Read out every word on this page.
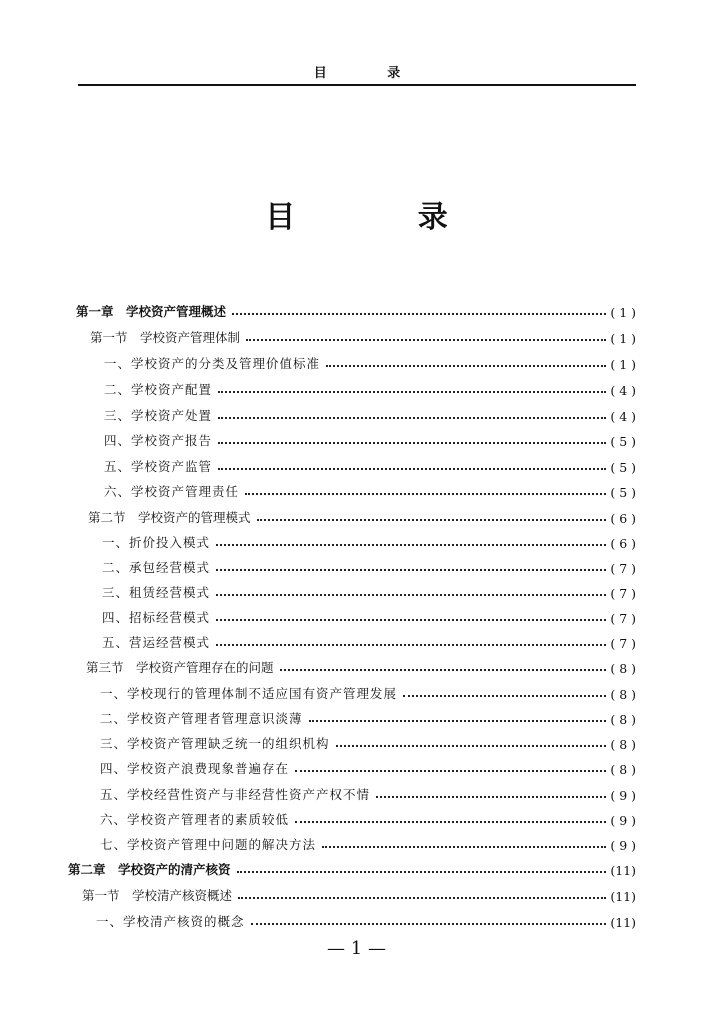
目 录
目 录
第一章　学校资产管理概述	( 1 )
第一节　学校资产管理体制	( 1 )
一、学校资产的分类及管理价值标准	( 1 )
二、学校资产配置	( 4 )
三、学校资产处置	( 4 )
四、学校资产报告	( 5 )
五、学校资产监管	( 5 )
六、学校资产管理责任	( 5 )
第二节　学校资产的管理模式	( 6 )
一、折价投入模式	( 6 )
二、承包经营模式	( 7 )
三、租赁经营模式	( 7 )
四、招标经营模式	( 7 )
五、营运经营模式	( 7 )
第三节　学校资产管理存在的问题	( 8 )
一、学校现行的管理体制不适应国有资产管理发展	( 8 )
二、学校资产管理者管理意识淡薄	( 8 )
三、学校资产管理缺乏统一的组织机构	( 8 )
四、学校资产浪费现象普遍存在	( 8 )
五、学校经营性资产与非经营性资产产权不情	( 9 )
六、学校资产管理者的素质较低	( 9 )
七、学校资产管理中问题的解决方法	( 9 )
第二章　学校资产的清产核资	(11)
第一节　学校清产核资概述	(11)
一、学校清产核资的概念	(11)
— 1 —
